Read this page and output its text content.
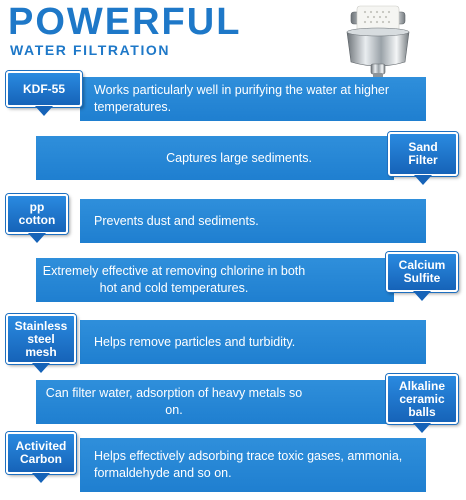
POWERFUL
WATER FILTRATION
Works particularly well in purifying the water at higher temperatures.
KDF-55
Captures large sediments.
Sand
Filter
Prevents dust and sediments.
pp
cotton
Extremely effective at removing chlorine in both hot and cold temperatures.
Calcium
Sulfite
Helps remove particles and turbidity.
Stainless
steel
mesh
Can filter water, adsorption of heavy metals so on.
Alkaline
ceramic
balls
Helps effectively adsorbing trace toxic gases, ammonia, formaldehyde and so on.
Activited
Carbon
